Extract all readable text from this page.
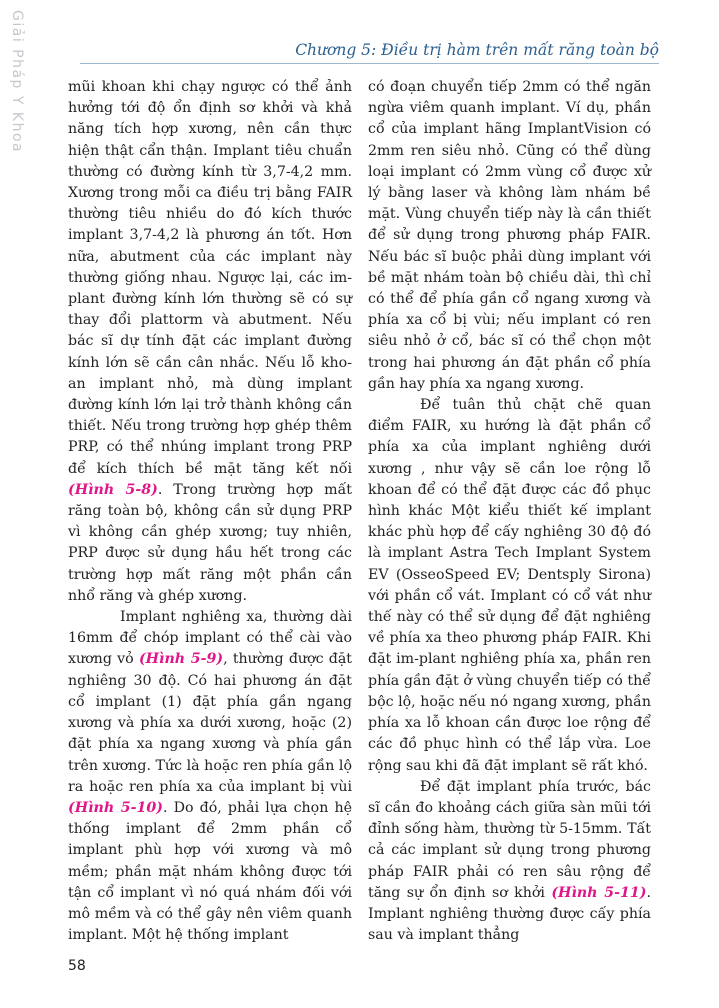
Giải Pháp Y Khoa	Chương 5: Điều trị hàm trên mất răng toàn bộ

mũi khoan khi chạy ngược có thể ảnh hưởng tới độ ổn định sơ khởi và khả năng tích hợp xương, nên cần thực hiện thật cẩn thận. Implant tiêu chuẩn thường có đường kính từ 3,7-4,2 mm. Xương trong mỗi ca điều trị bằng FAIR thường tiêu nhiều do đó kích thước implant 3,7-4,2 là phương án tốt. Hơn nữa, abutment của các implant này thường giống nhau. Ngược lại, các im-plant đường kính lớn thường sẽ có sự thay đổi plattorm và abutment. Nếu bác sĩ dự tính đặt các implant đường kính lớn sẽ cần cân nhắc. Nếu lỗ kho-an implant nhỏ, mà dùng implant đường kính lớn lại trở thành không cần thiết. Nếu trong trường hợp ghép thêm PRP, có thể nhúng implant trong PRP để kích thích bề mặt tăng kết nối (Hình 5-8). Trong trường hợp mất răng toàn bộ, không cần sử dụng PRP vì không cần ghép xương; tuy nhiên, PRP được sử dụng hầu hết trong các trường hợp mất răng một phần cần nhổ răng và ghép xương.

Implant nghiêng xa, thường dài 16mm để chóp implant có thể cài vào xương vỏ (Hình 5-9), thường được đặt nghiêng 30 độ. Có hai phương án đặt cổ implant (1) đặt phía gần ngang xương và phía xa dưới xương, hoặc (2) đặt phía xa ngang xương và phía gần trên xương. Tức là hoặc ren phía gần lộ ra hoặc ren phía xa của implant bị vùi (Hình 5-10). Do đó, phải lựa chọn hệ thống implant để 2mm phần cổ implant phù hợp với xương và mô mềm; phần mặt nhám không được tới tận cổ implant vì nó quá nhám đối với mô mềm và có thể gây nên viêm quanh implant. Một hệ thống implant

có đoạn chuyển tiếp 2mm có thể ngăn ngừa viêm quanh implant. Ví dụ, phần cổ của implant hãng ImplantVision có 2mm ren siêu nhỏ. Cũng có thể dùng loại implant có 2mm vùng cổ được xử lý bằng laser và không làm nhám bề mặt. Vùng chuyển tiếp này là cần thiết để sử dụng trong phương pháp FAIR. Nếu bác sĩ buộc phải dùng implant với bề mặt nhám toàn bộ chiều dài, thì chỉ có thể để phía gần cổ ngang xương và phía xa cổ bị vùi; nếu implant có ren siêu nhỏ ở cổ, bác sĩ có thể chọn một trong hai phương án đặt phần cổ phía gần hay phía xa ngang xương.

Để tuân thủ chặt chẽ quan điểm FAIR, xu hướng là đặt phần cổ phía xa của implant nghiêng dưới xương , như vậy sẽ cần loe rộng lỗ khoan để có thể đặt được các đồ phục hình khác Một kiểu thiết kế implant khác phù hợp để cấy nghiêng 30 độ đó là implant Astra Tech Implant System EV (OsseoSpeed EV; Dentsply Sirona) với phần cổ vát. Implant có cổ vát như thế này có thể sử dụng để đặt nghiêng về phía xa theo phương pháp FAIR. Khi đặt im-plant nghiêng phía xa, phần ren phía gần đặt ở vùng chuyển tiếp có thể bộc lộ, hoặc nếu nó ngang xương, phần phía xa lỗ khoan cần được loe rộng để các đồ phục hình có thể lắp vừa. Loe rộng sau khi đã đặt implant sẽ rất khó.

Để đặt implant phía trước, bác sĩ cần đo khoảng cách giữa sàn mũi tới đỉnh sống hàm, thường từ 5-15mm. Tất cả các implant sử dụng trong phương pháp FAIR phải có ren sâu rộng để tăng sự ổn định sơ khởi (Hình 5-11). Implant nghiêng thường được cấy phía sau và implant thẳng

58
